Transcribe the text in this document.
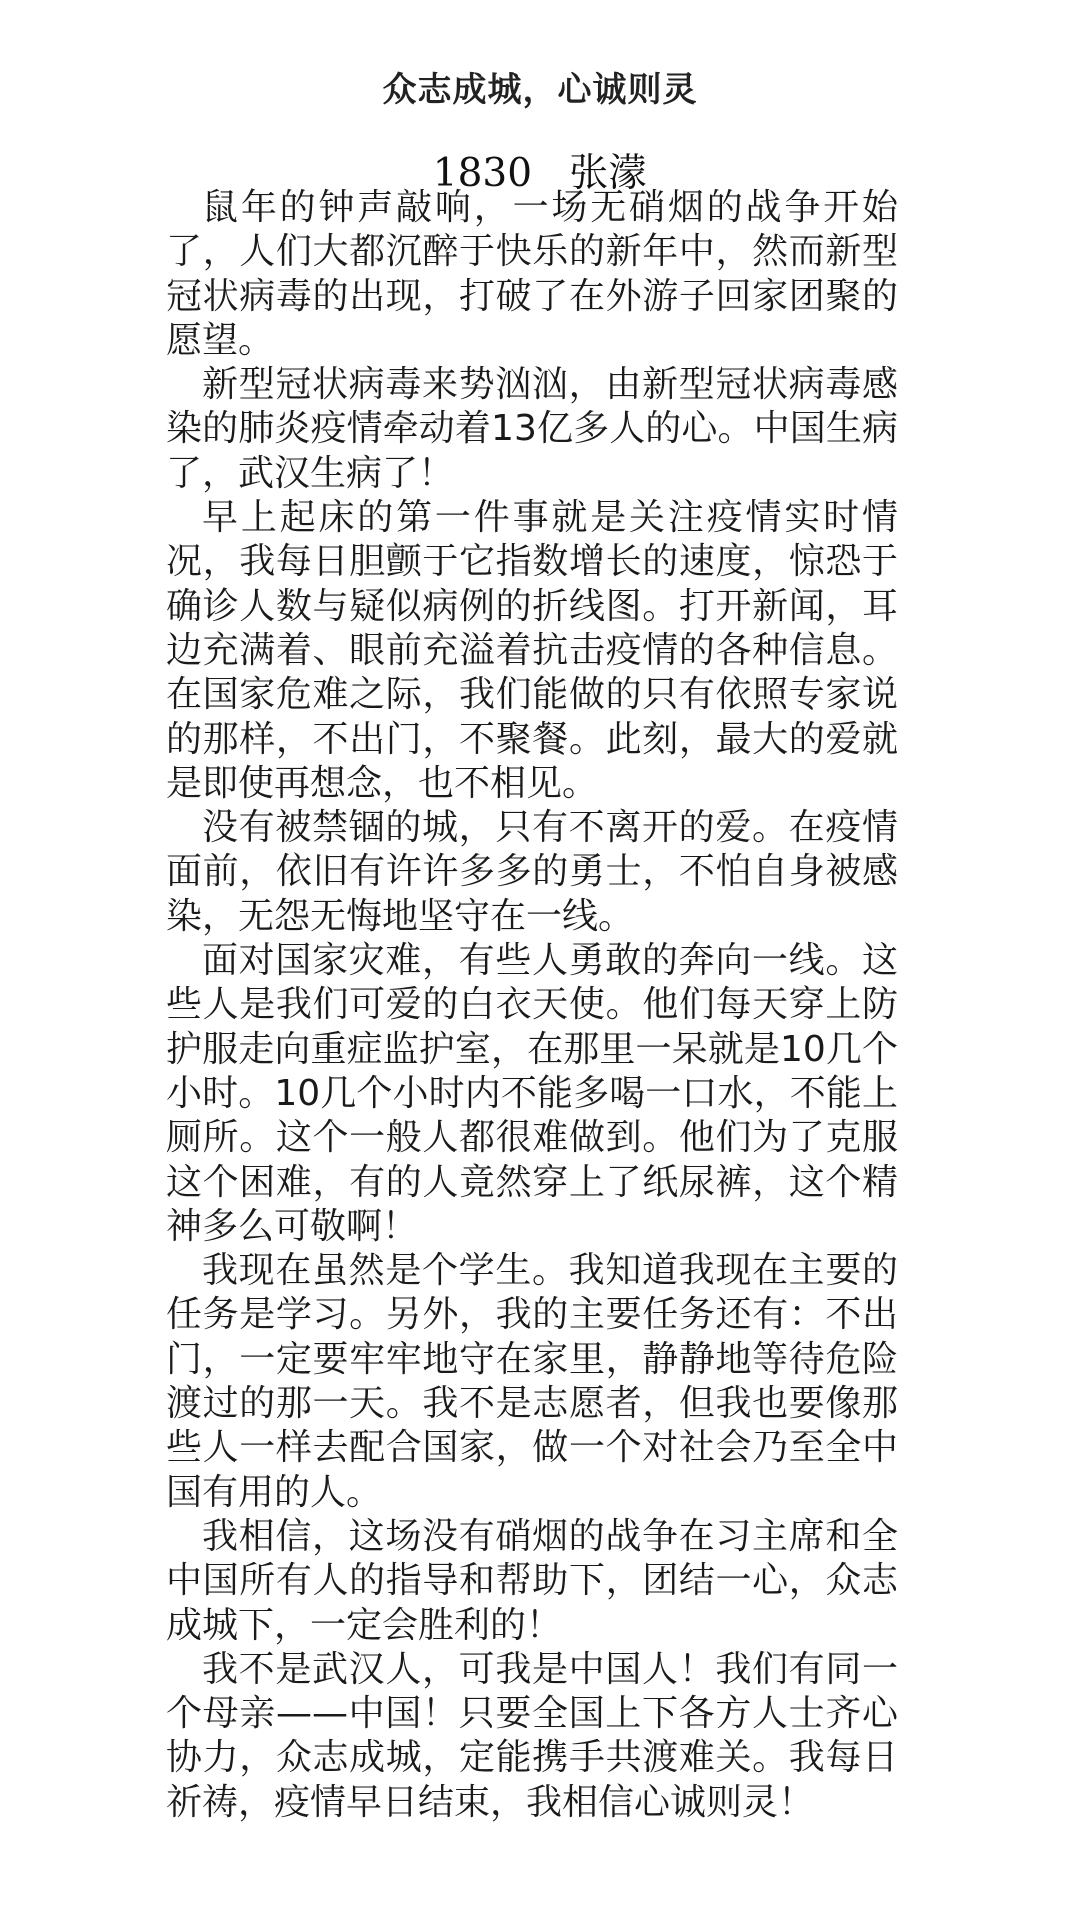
众志成城，心诚则灵
1830   张濛

鼠年的钟声敲响，一场无硝烟的战争开始了，人们大都沉醉于快乐的新年中，然而新型冠状病毒的出现，打破了在外游子回家团聚的愿望。

新型冠状病毒来势汹汹，由新型冠状病毒感染的肺炎疫情牵动着13亿多人的心。中国生病了，武汉生病了！

早上起床的第一件事就是关注疫情实时情况，我每日胆颤于它指数增长的速度，惊恐于确诊人数与疑似病例的折线图。打开新闻，耳边充满着、眼前充溢着抗击疫情的各种信息。在国家危难之际，我们能做的只有依照专家说的那样，不出门，不聚餐。此刻，最大的爱就是即使再想念，也不相见。

没有被禁锢的城，只有不离开的爱。在疫情面前，依旧有许许多多的勇士，不怕自身被感染，无怨无悔地坚守在一线。

面对国家灾难，有些人勇敢的奔向一线。这些人是我们可爱的白衣天使。他们每天穿上防护服走向重症监护室，在那里一呆就是10几个小时。10几个小时内不能多喝一口水，不能上厕所。这个一般人都很难做到。他们为了克服这个困难，有的人竟然穿上了纸尿裤，这个精神多么可敬啊！

我现在虽然是个学生。我知道我现在主要的任务是学习。另外，我的主要任务还有：不出门，一定要牢牢地守在家里，静静地等待危险渡过的那一天。我不是志愿者，但我也要像那些人一样去配合国家，做一个对社会乃至全中国有用的人。

我相信，这场没有硝烟的战争在习主席和全中国所有人的指导和帮助下，团结一心，众志成城下，一定会胜利的！

我不是武汉人，可我是中国人！我们有同一个母亲——中国！只要全国上下各方人士齐心协力，众志成城，定能携手共渡难关。我每日祈祷，疫情早日结束，我相信心诚则灵！
